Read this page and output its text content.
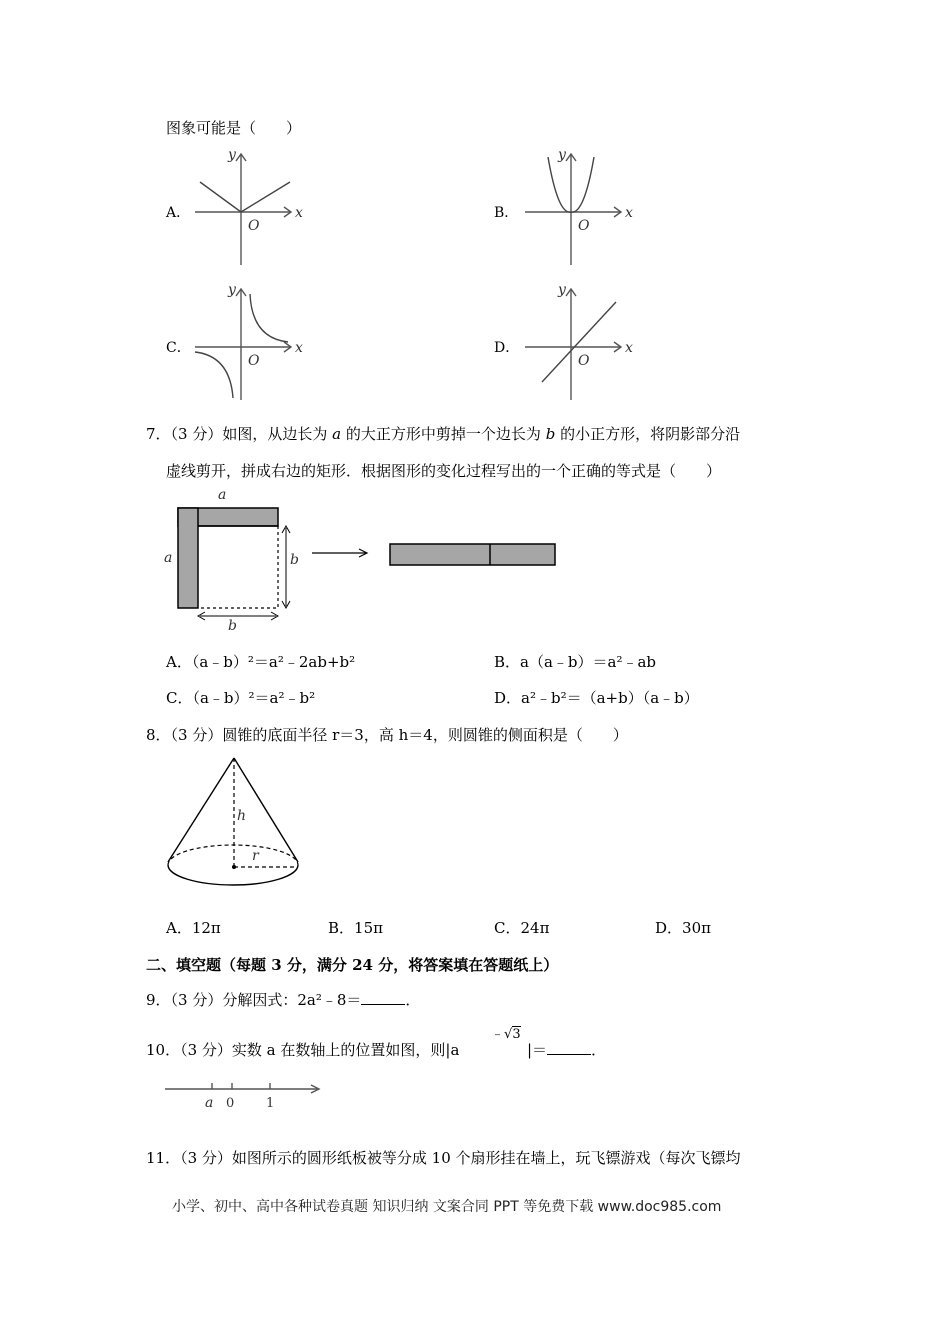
图象可能是（　　）
A．	x
y
O
B．	x
y
O
C．	x
y
O
D．	x
y
O
7．（3 分）如图，从边长为 a 的大正方形中剪掉一个边长为 b 的小正方形，将阴影部分沿
虚线剪开，拼成右边的矩形．根据图形的变化过程写出的一个正确的等式是（　　）
a
a	b
b
A．（a﹣b）²＝a²﹣2ab+b²	B．a（a﹣b）＝a²﹣ab
C．（a﹣b）²＝a²﹣b²	D．a²﹣b²＝（a+b）（a﹣b）
8．（3 分）圆锥的底面半径 r＝3，高 h＝4，则圆锥的侧面积是（　　）
h
r
A．12π	B．15π	C．24π	D．30π
二、填空题（每题 3 分，满分 24 分，将答案填在答题纸上）
9．（3 分）分解因式：2a²﹣8＝	．
10．（3 分）实数 a 在数轴上的位置如图，则|a
﹣√3
|＝	．
a 0 1
11．（3 分）如图所示的圆形纸板被等分成 10 个扇形挂在墙上，玩飞镖游戏（每次飞镖均
小学、初中、高中各种试卷真题 知识归纳 文案合同 PPT 等免费下载 www.doc985.com
